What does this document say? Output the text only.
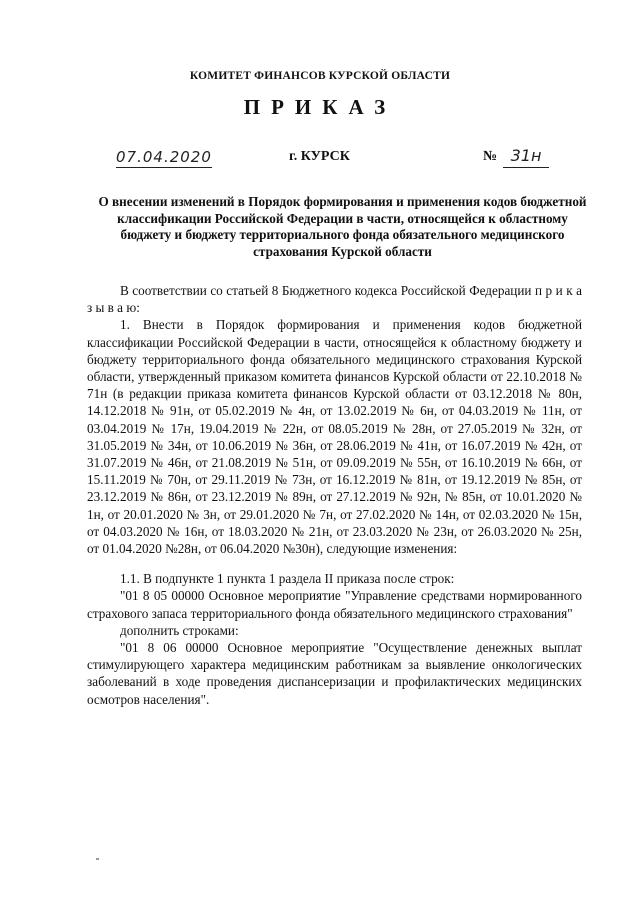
КОМИТЕТ ФИНАНСОВ КУРСКОЙ ОБЛАСТИ
ПРИКАЗ
07.04.2020	г. КУРСК	№ 31н
О внесении изменений в Порядок формирования и применения кодов бюджетной классификации Российской Федерации в части, относящейся к областному бюджету и бюджету территориального фонда обязательного медицинского страхования Курской области

В соответствии со статьей 8 Бюджетного кодекса Российской Федерации п р и к а з ы в а ю:

1. Внести в Порядок формирования и применения кодов бюджетной классификации Российской Федерации в части, относящейся к областному бюджету и бюджету территориального фонда обязательного медицинского страхования Курской области, утвержденный приказом комитета финансов Курской области от 22.10.2018 № 71н (в редакции приказа комитета финансов Курской области от 03.12.2018 № 80н, 14.12.2018 № 91н, от 05.02.2019 № 4н, от 13.02.2019 № 6н, от 04.03.2019 № 11н, от 03.04.2019 № 17н, 19.04.2019 № 22н, от 08.05.2019 № 28н, от 27.05.2019 № 32н, от 31.05.2019 № 34н, от 10.06.2019 № 36н, от 28.06.2019 № 41н, от 16.07.2019 № 42н, от 31.07.2019 № 46н, от 21.08.2019 № 51н, от 09.09.2019 № 55н, от 16.10.2019 № 66н, от 15.11.2019 № 70н, от 29.11.2019 № 73н, от 16.12.2019 № 81н, от 19.12.2019 № 85н, от 23.12.2019 № 86н, от 23.12.2019 № 89н, от 27.12.2019 № 92н, № 85н, от 10.01.2020 № 1н, от 20.01.2020 № 3н, от 29.01.2020 № 7н, от 27.02.2020 № 14н, от 02.03.2020 № 15н, от 04.03.2020 № 16н, от 18.03.2020 № 21н, от 23.03.2020 № 23н, от 26.03.2020 № 25н, от 01.04.2020 №28н, от 06.04.2020 №30н), следующие изменения:

1.1. В подпункте 1 пункта 1 раздела II приказа после строк:

"01 8 05 00000 Основное мероприятие "Управление средствами нормированного страхового запаса территориального фонда обязательного медицинского страхования"

дополнить строками:

"01 8 06 00000 Основное мероприятие "Осуществление денежных выплат стимулирующего характера медицинским работникам за выявление онкологических заболеваний в ходе проведения диспансеризации и профилактических медицинских осмотров населения".
